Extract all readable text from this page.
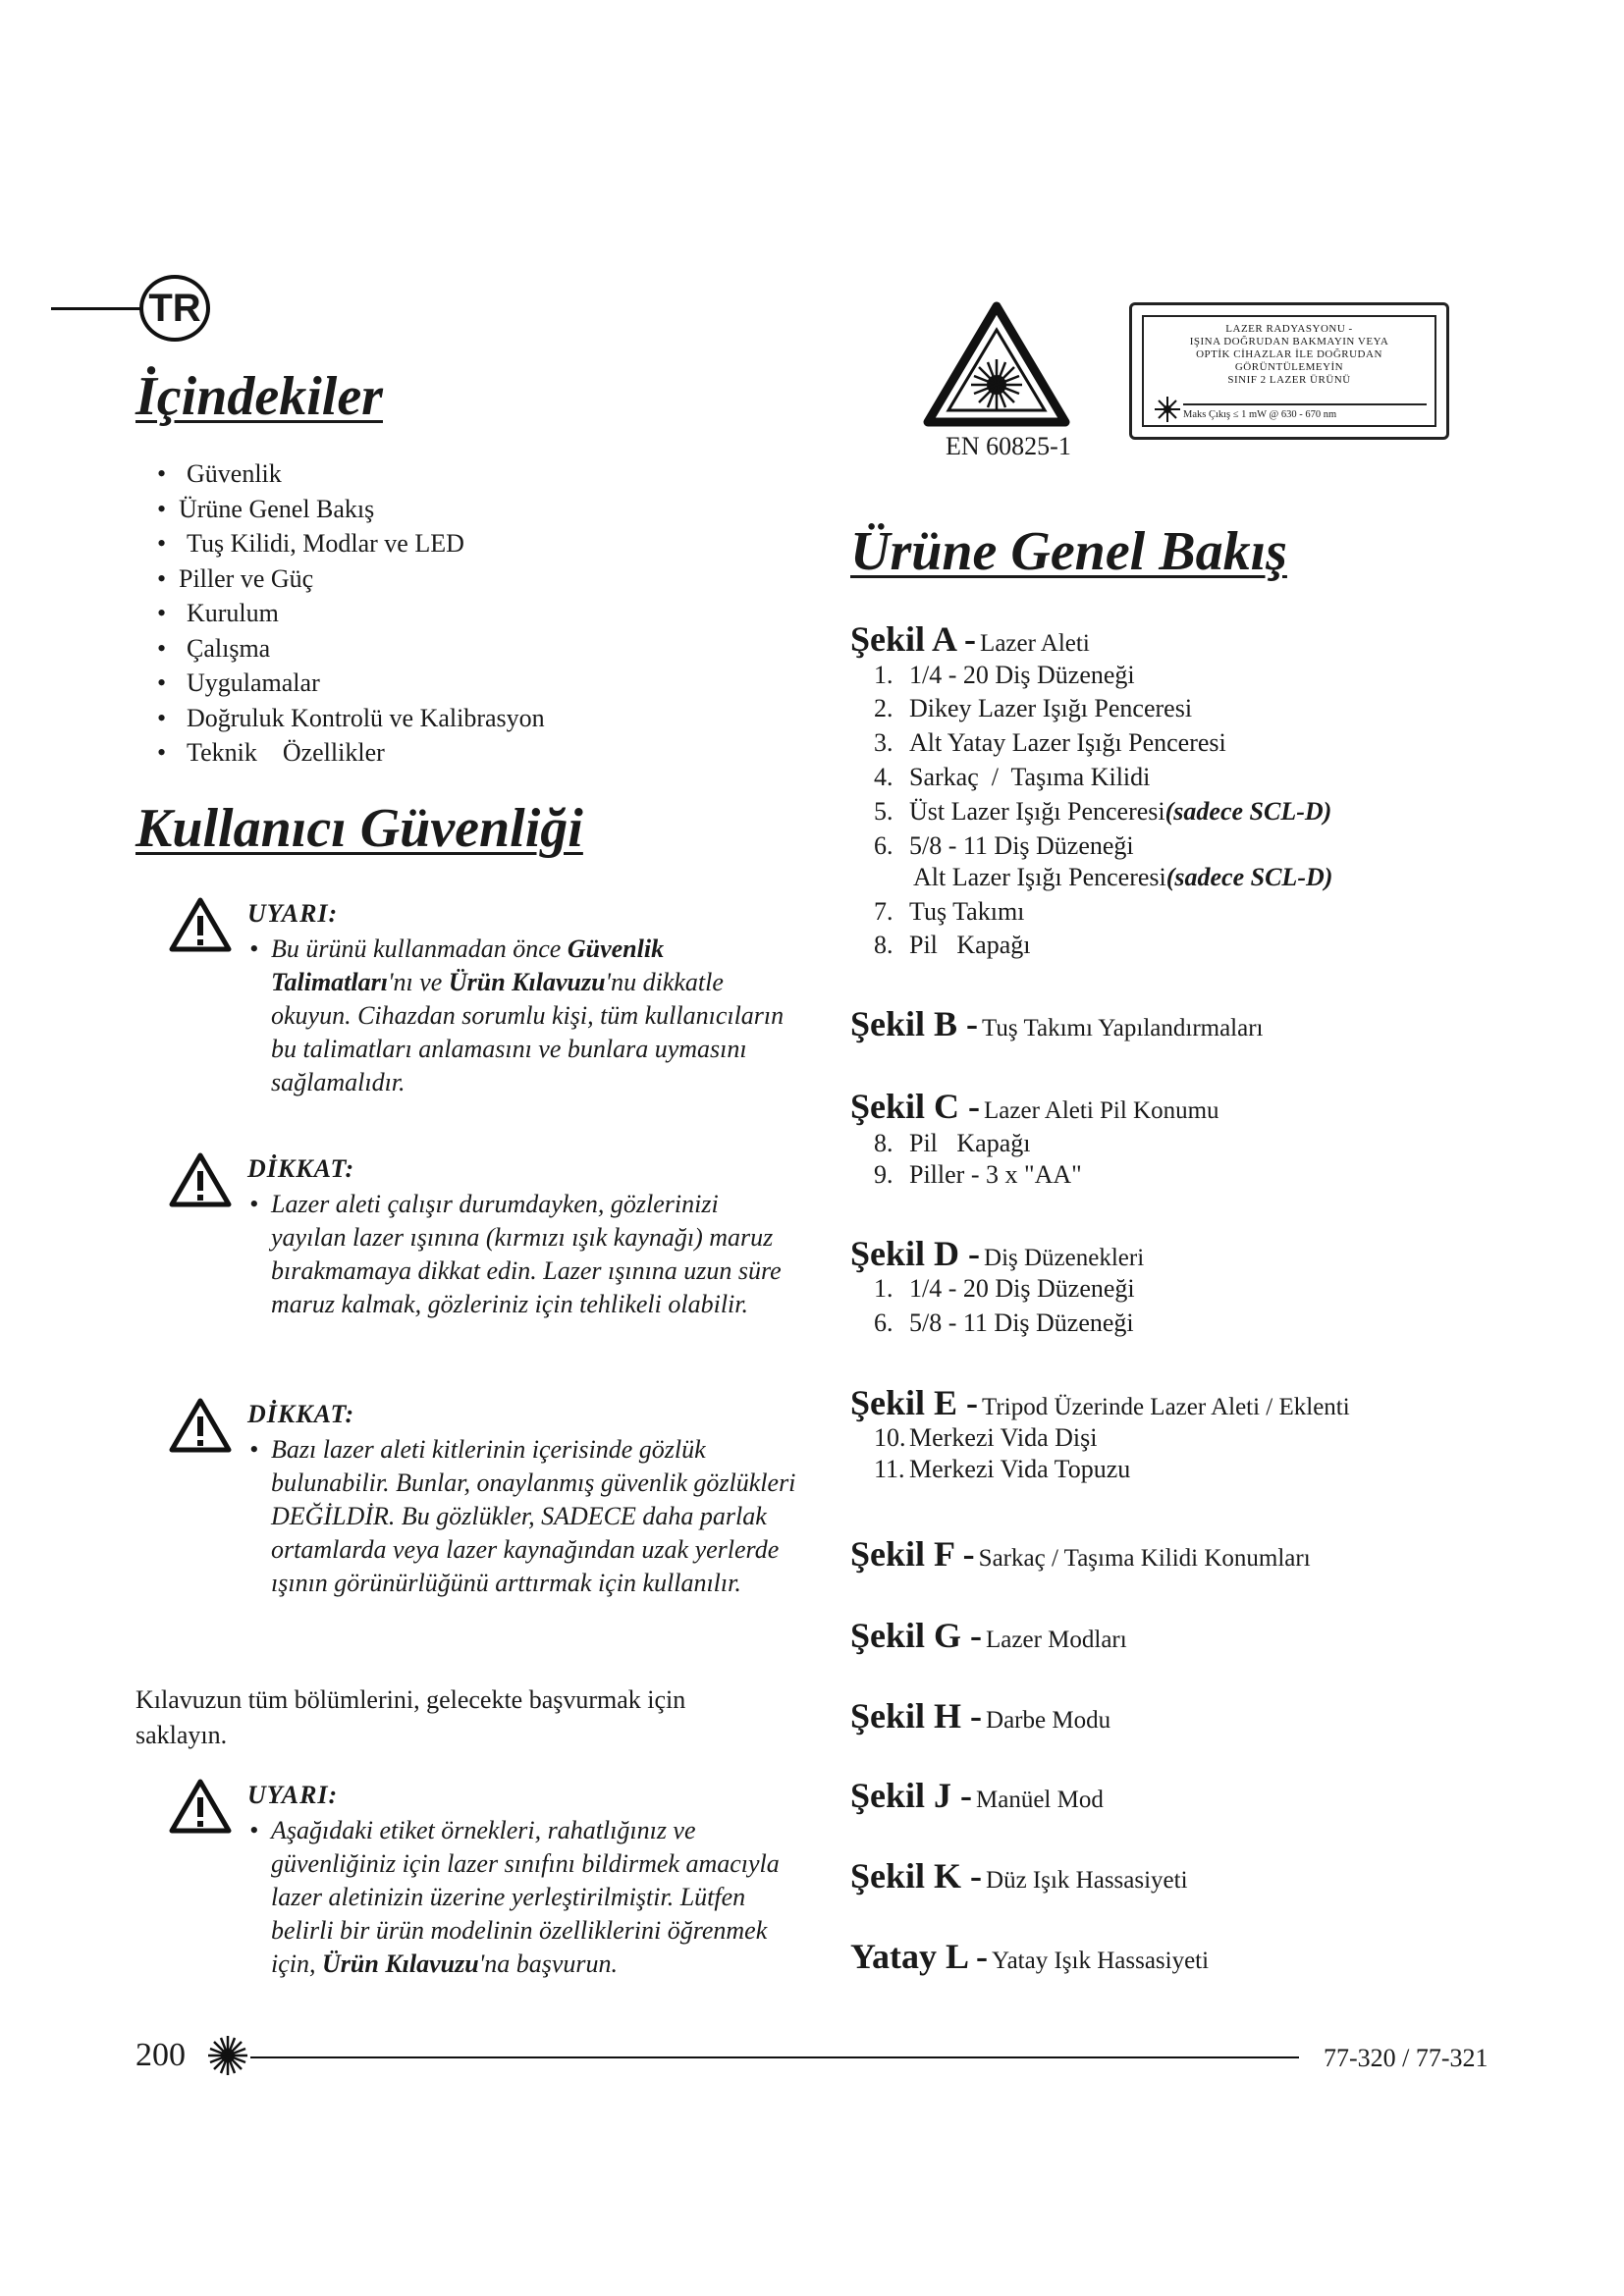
TR
İçindekiler
• Güvenlik
• Ürüne Genel Bakış
• Tuş Kilidi, Modlar ve LED
• Piller ve Güç
• Kurulum
• Çalışma
• Uygulamalar
• Doğruluk Kontrolü ve Kalibrasyon
• Teknik    Özellikler
Kullanıcı Güvenliği
UYARI:
• Bu ürünü kullanmadan önce Güvenlik Talimatları'nı ve Ürün Kılavuzu'nu dikkatle okuyun. Cihazdan sorumlu kişi, tüm kullanıcıların bu talimatları anlamasını ve bunlara uymasını sağlamalıdır.

DİKKAT:
• Lazer aleti çalışır durumdayken, gözlerinizi yayılan lazer ışınına (kırmızı ışık kaynağı) maruz bırakmamaya dikkat edin. Lazer ışınına uzun süre maruz kalmak, gözleriniz için tehlikeli olabilir.

DİKKAT:
• Bazı lazer aleti kitlerinin içerisinde gözlük bulunabilir. Bunlar, onaylanmış güvenlik gözlükleri DEĞİLDİR. Bu gözlükler, SADECE daha parlak ortamlarda veya lazer kaynağından uzak yerlerde ışının görünürlüğünü arttırmak için kullanılır.

Kılavuzun tüm bölümlerini, gelecekte başvurmak için saklayın.
UYARI:
• Aşağıdaki etiket örnekleri, rahatlığınız ve güvenliğiniz için lazer sınıfını bildirmek amacıyla lazer aletinizin üzerine yerleştirilmiştir. Lütfen belirli bir ürün modelinin özelliklerini öğrenmek için, Ürün Kılavuzu'na başvurun.

EN 60825-1
LAZER RADYASYONU -
IŞINA DOĞRUDAN BAKMAYIN VEYA
OPTİK CİHAZLAR İLE DOĞRUDAN
GÖRÜNTÜLEMEYİN
SINIF 2 LAZER ÜRÜNÜ
Maks Çıkış ≤ 1 mW @ 630 - 670 nm
Ürüne Genel Bakış
Şekil A - Lazer Aleti
1. 1/4 - 20 Diş Düzeneği
2. Dikey Lazer Işığı Penceresi
3. Alt Yatay Lazer Işığı Penceresi
4. Sarkaç  /  Taşıma Kilidi
5. Üst Lazer Işığı Penceresi(sadece SCL-D)
6. 5/8 - 11 Diş Düzeneği
Alt Lazer Işığı Penceresi(sadece SCL-D)
7. Tuş Takımı
8. Pil   Kapağı
Şekil B - Tuş Takımı Yapılandırmaları
Şekil C - Lazer Aleti Pil Konumu
8. Pil   Kapağı
9. Piller - 3 x "AA"
Şekil D - Diş Düzenekleri
1. 1/4 - 20 Diş Düzeneği
6. 5/8 - 11 Diş Düzeneği
Şekil E - Tripod Üzerinde Lazer Aleti / Eklenti
10. Merkezi Vida Dişi
11. Merkezi Vida Topuzu
Şekil F - Sarkaç / Taşıma Kilidi Konumları
Şekil G - Lazer Modları
Şekil H - Darbe Modu
Şekil J - Manüel Mod
Şekil K - Düz Işık Hassasiyeti
Yatay L - Yatay Işık Hassasiyeti
200	77-320 / 77-321
